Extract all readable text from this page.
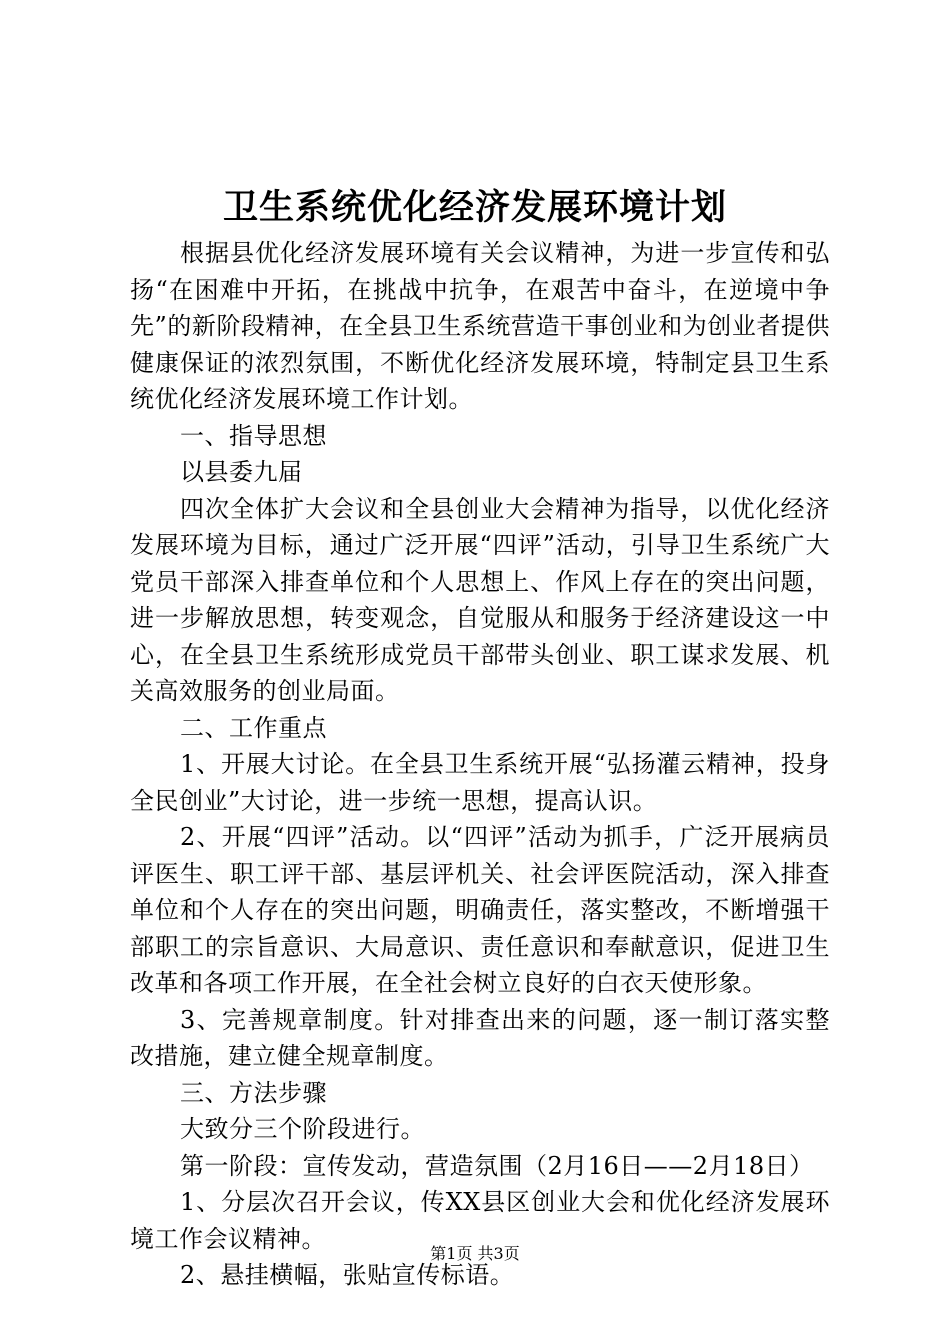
卫生系统优化经济发展环境计划

根据县优化经济发展环境有关会议精神，为进一步宣传和弘扬“在困难中开拓，在挑战中抗争，在艰苦中奋斗，在逆境中争先”的新阶段精神，在全县卫生系统营造干事创业和为创业者提供健康保证的浓烈氛围，不断优化经济发展环境，特制定县卫生系统优化经济发展环境工作计划。

一、指导思想

以县委九届

四次全体扩大会议和全县创业大会精神为指导，以优化经济发展环境为目标，通过广泛开展“四评”活动，引导卫生系统广大党员干部深入排查单位和个人思想上、作风上存在的突出问题，进一步解放思想，转变观念，自觉服从和服务于经济建设这一中心，在全县卫生系统形成党员干部带头创业、职工谋求发展、机关高效服务的创业局面。

二、工作重点

1、开展大讨论。在全县卫生系统开展“弘扬灌云精神，投身全民创业”大讨论，进一步统一思想，提高认识。

2、开展“四评”活动。以“四评”活动为抓手，广泛开展病员评医生、职工评干部、基层评机关、社会评医院活动，深入排查单位和个人存在的突出问题，明确责任，落实整改，不断增强干部职工的宗旨意识、大局意识、责任意识和奉献意识，促进卫生改革和各项工作开展，在全社会树立良好的白衣天使形象。

3、完善规章制度。针对排查出来的问题，逐一制订落实整改措施，建立健全规章制度。

三、方法步骤

大致分三个阶段进行。

第一阶段：宣传发动，营造氛围（2月16日——2月18日）

1、分层次召开会议，传XX县区创业大会和优化经济发展环境工作会议精神。

2、悬挂横幅，张贴宣传标语。

第1页 共3页
